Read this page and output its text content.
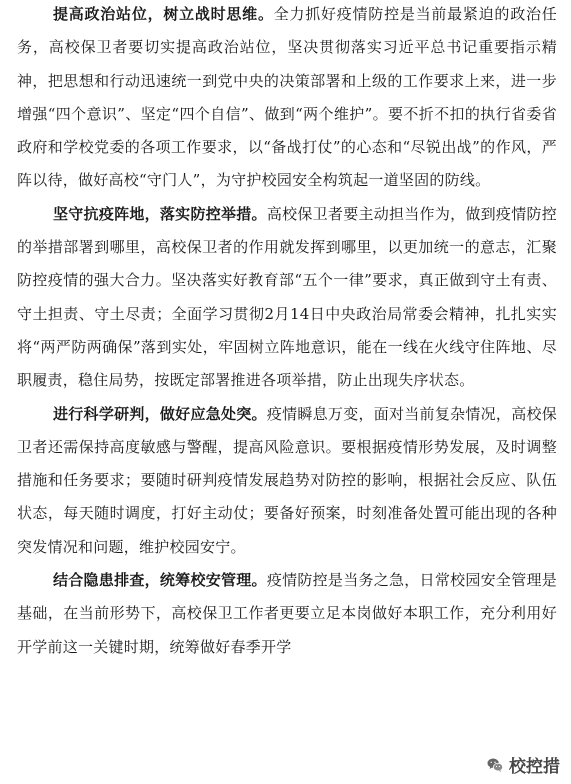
提高政治站位，树立战时思维。全力抓好疫情防控是当前最紧迫的政治任务，高校保卫者要切实提高政治站位，坚决贯彻落实习近平总书记重要指示精神，把思想和行动迅速统一到党中央的决策部署和上级的工作要求上来，进一步增强“四个意识”、坚定“四个自信”、做到“两个维护”。要不折不扣的执行省委省政府和学校党委的各项工作要求，以“备战打仗”的心态和“尽锐出战”的作风，严阵以待，做好高校“守门人”，为守护校园安全构筑起一道坚固的防线。

坚守抗疫阵地，落实防控举措。高校保卫者要主动担当作为，做到疫情防控的举措部署到哪里，高校保卫者的作用就发挥到哪里，以更加统一的意志，汇聚防控疫情的强大合力。坚决落实好教育部“五个一律”要求，真正做到守土有责、守土担责、守土尽责；全面学习贯彻2月14日中央政治局常委会精神，扎扎实实将“两严防两确保”落到实处，牢固树立阵地意识，能在一线在火线守住阵地、尽职履责，稳住局势，按既定部署推进各项举措，防止出现失序状态。

进行科学研判，做好应急处突。疫情瞬息万变，面对当前复杂情况，高校保卫者还需保持高度敏感与警醒，提高风险意识。要根据疫情形势发展，及时调整措施和任务要求；要随时研判疫情发展趋势对防控的影响，根据社会反应、队伍状态，每天随时调度，打好主动仗；要备好预案，时刻准备处置可能出现的各种突发情况和问题，维护校园安宁。

结合隐患排查，统筹校安管理。疫情防控是当务之急，日常校园安全管理是基础，在当前形势下，高校保卫工作者更要立足本岗做好本职工作，充分利用好开学前这一关键时期，统筹做好春季开学

校控措
